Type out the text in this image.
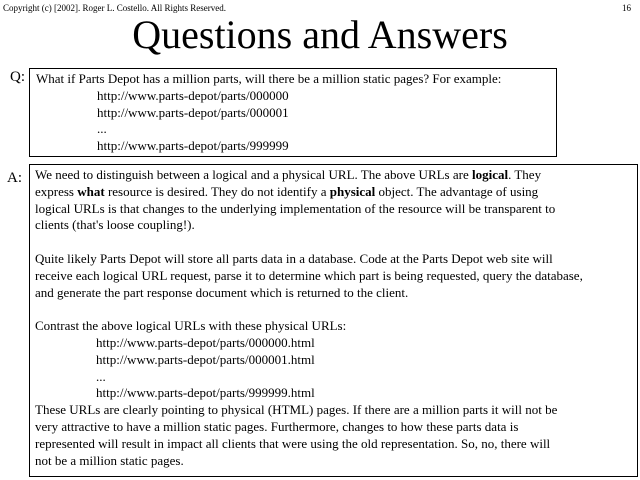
Copyright (c) [2002]. Roger L. Costello. All Rights Reserved.	16
Questions and Answers
Q: What if Parts Depot has a million parts, will there be a million static pages? For example:
http://www.parts-depot/parts/000000
http://www.parts-depot/parts/000001
...
http://www.parts-depot/parts/999999
A: We need to distinguish between a logical and a physical URL. The above URLs are logical. They
express what resource is desired. They do not identify a physical object. The advantage of using
logical URLs is that changes to the underlying implementation of the resource will be transparent to
clients (that's loose coupling!).
Quite likely Parts Depot will store all parts data in a database. Code at the Parts Depot web site will
receive each logical URL request, parse it to determine which part is being requested, query the database,
and generate the part response document which is returned to the client.
Contrast the above logical URLs with these physical URLs:
http://www.parts-depot/parts/000000.html
http://www.parts-depot/parts/000001.html
...
http://www.parts-depot/parts/999999.html
These URLs are clearly pointing to physical (HTML) pages. If there are a million parts it will not be
very attractive to have a million static pages. Furthermore, changes to how these parts data is
represented will result in impact all clients that were using the old representation. So, no, there will
not be a million static pages.
